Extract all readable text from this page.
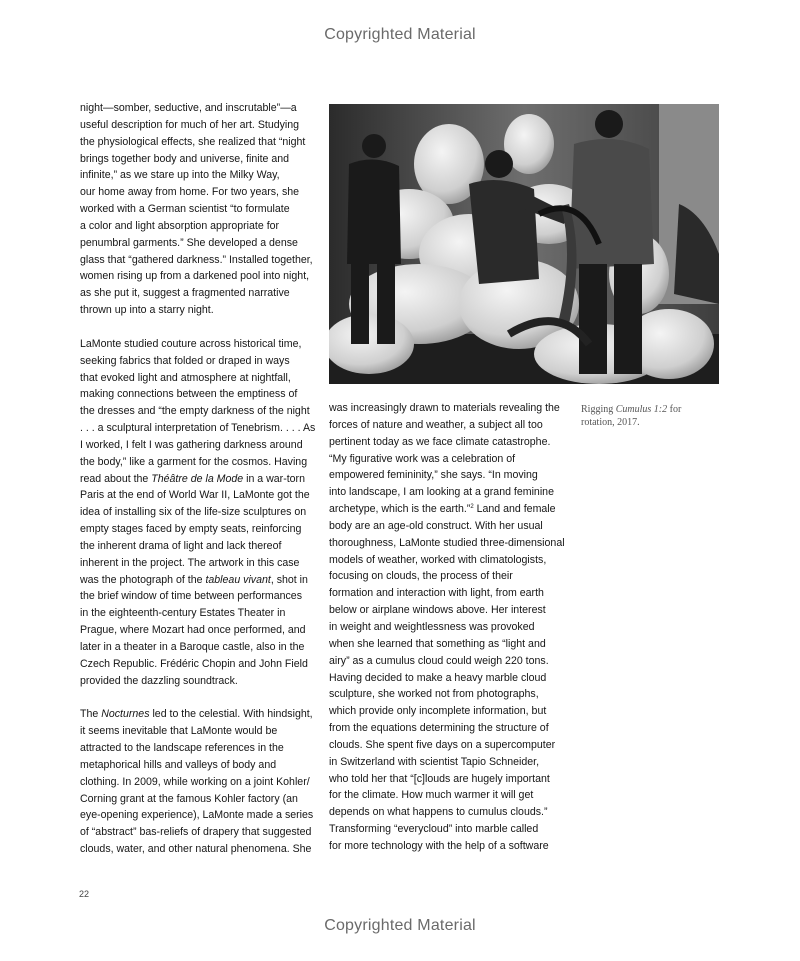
Copyrighted Material

night—somber, seductive, and inscrutable”—a

useful description for much of her art. Studying

the physiological effects, she realized that “night

brings together body and universe, finite and

infinite,” as we stare up into the Milky Way,

our home away from home. For two years, she

worked with a German scientist “to formulate

a color and light absorption appropriate for

penumbral garments.” She developed a dense

glass that “gathered darkness.” Installed together,

women rising up from a darkened pool into night,

as she put it, suggest a fragmented narrative

thrown up into a starry night.

LaMonte studied couture across historical time,

seeking fabrics that folded or draped in ways

that evoked light and atmosphere at nightfall,

making connections between the emptiness of

the dresses and “the empty darkness of the night

. . . a sculptural interpretation of Tenebrism. . . . As

I worked, I felt I was gathering darkness around

the body,” like a garment for the cosmos. Having

read about the Théâtre de la Mode in a war-torn

Paris at the end of World War II, LaMonte got the

idea of installing six of the life-size sculptures on

empty stages faced by empty seats, reinforcing

the inherent drama of light and lack thereof

inherent in the project. The artwork in this case

was the photograph of the tableau vivant, shot in

the brief window of time between performances

in the eighteenth-century Estates Theater in

Prague, where Mozart had once performed, and

later in a theater in a Baroque castle, also in the

Czech Republic. Frédéric Chopin and John Field

provided the dazzling soundtrack.

The Nocturnes led to the celestial. With hindsight,

it seems inevitable that LaMonte would be

attracted to the landscape references in the

metaphorical hills and valleys of body and

clothing. In 2009, while working on a joint Kohler/

Corning grant at the famous Kohler factory (an

eye-opening experience), LaMonte made a series

of “abstract” bas-reliefs of drapery that suggested

clouds, water, and other natural phenomena. She

was increasingly drawn to materials revealing the

forces of nature and weather, a subject all too

pertinent today as we face climate catastrophe.

“My figurative work was a celebration of

empowered femininity,” she says. “In moving

into landscape, I am looking at a grand feminine

archetype, which is the earth.”$^2$ Land and female

body are an age-old construct. With her usual

thoroughness, LaMonte studied three-dimensional

models of weather, worked with climatologists,

focusing on clouds, the process of their

formation and interaction with light, from earth

below or airplane windows above. Her interest

in weight and weightlessness was provoked

when she learned that something as “light and

airy” as a cumulus cloud could weigh 220 tons.

Having decided to make a heavy marble cloud

sculpture, she worked not from photographs,

which provide only incomplete information, but

from the equations determining the structure of

clouds. She spent five days on a supercomputer

in Switzerland with scientist Tapio Schneider,

who told her that “[c]louds are hugely important

for the climate. How much warmer it will get

depends on what happens to cumulus clouds.”

Transforming “everycloud” into marble called

for more technology with the help of a software

Rigging Cumulus 1:2 for

rotation, 2017.

22
Copyrighted Material
